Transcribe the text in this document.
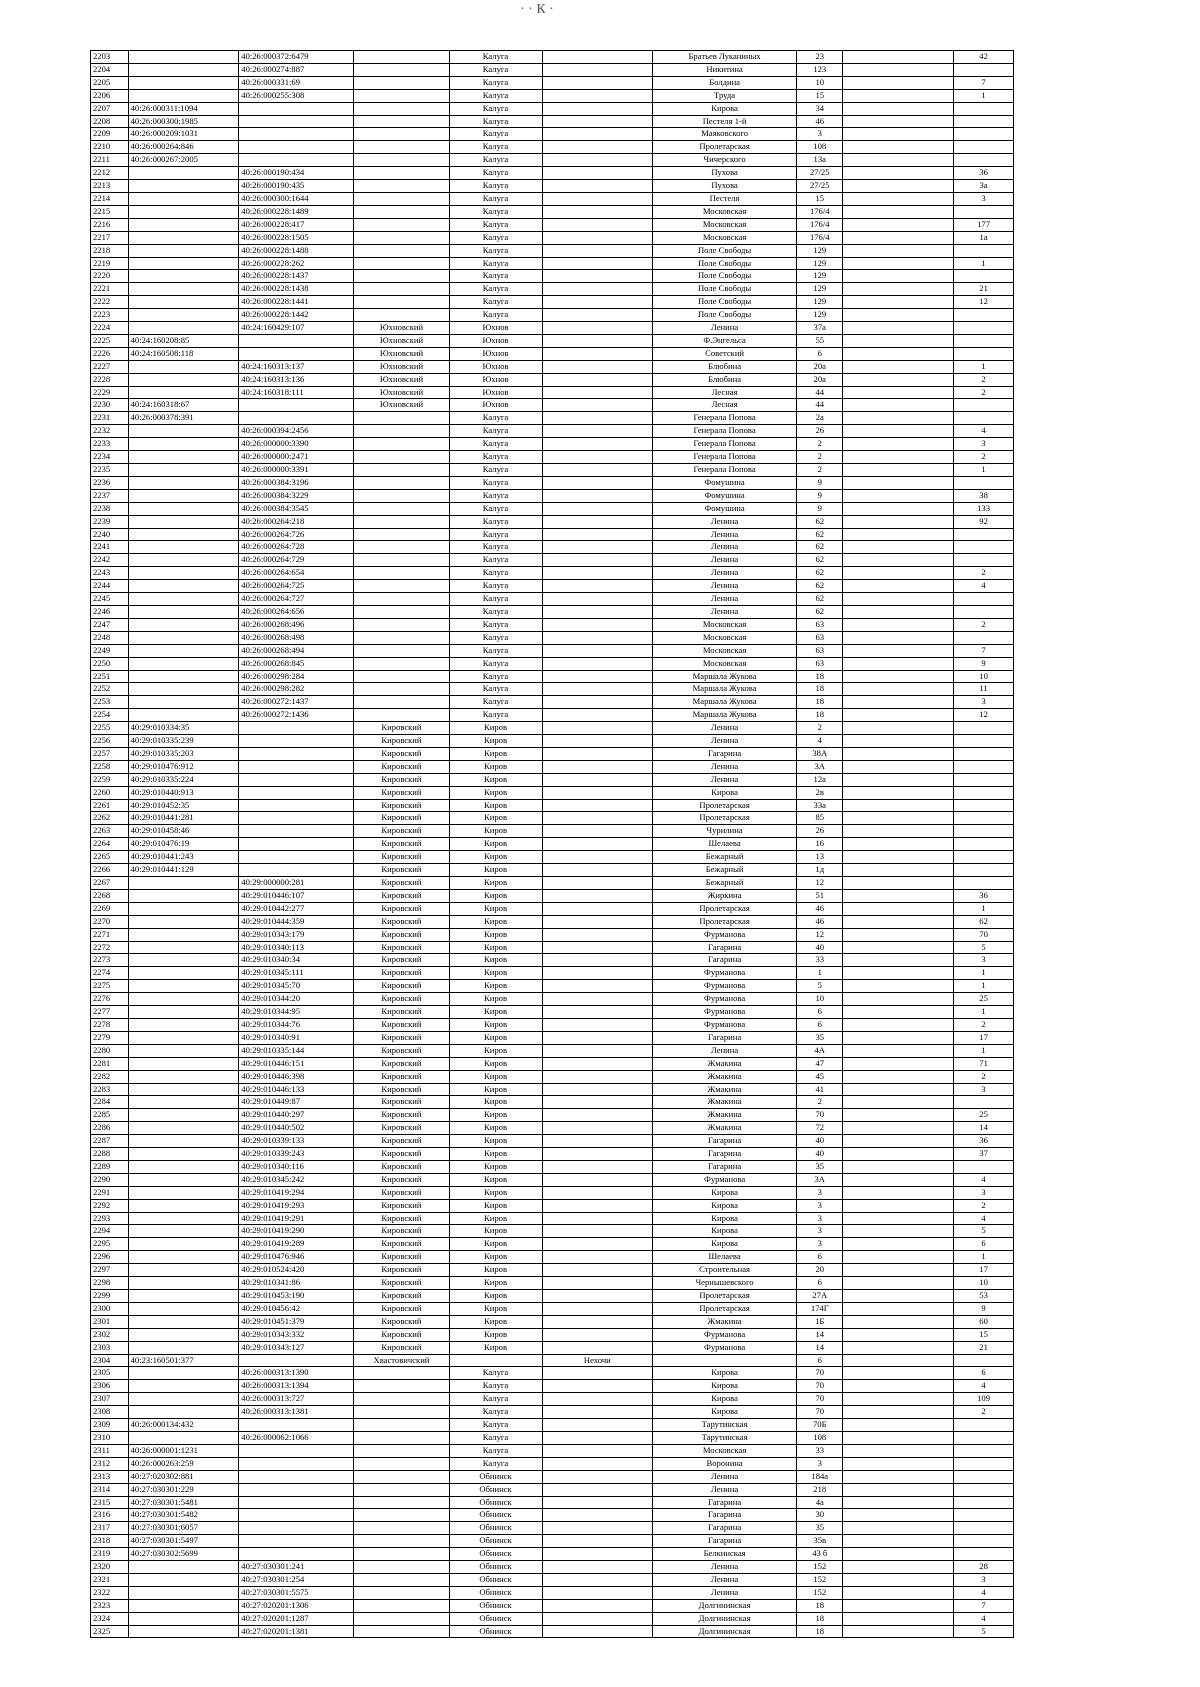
· · К ·
2203		40:26:000372:6479		Калуга		Братьев Луканиных	23		42
2204		40:26:000274:887		Калуга		Никитина	123		
2205		40:26:000331:69		Калуга		Болдина	10		7
2206		40:26:000255:308		Калуга		Труда	15		1
2207	40:26:000311:1094			Калуга		Кирова	34		
2208	40:26:000300:1985			Калуга		Пестеля 1-й	46		
2209	40:26:000209:1031			Калуга		Маяковского	3		
2210	40:26:000264:846			Калуга		Пролетарская	108		
2211	40:26:000267:2005			Калуга		Чичерского	13а		
2212		40:26:000190:434		Калуга		Пухова	27/25		36
2213		40:26:000190:435		Калуга		Пухова	27/25		3а
2214		40:26:000300:1644		Калуга		Пестеля	15		3
2215		40:26:000228:1489		Калуга		Московская	176/4		
2216		40:26:000228:417		Калуга		Московская	176/4		177
2217		40:26:000228:1505		Калуга		Московская	176/4		1а
2218		40:26:000228:1488		Калуга		Поле Свободы	129		
2219		40:26:000228:262		Калуга		Поле Свободы	129		1
2220		40:26:000228:1437		Калуга		Поле Свободы	129		
2221		40:26:000228:1438		Калуга		Поле Свободы	129		21
2222		40:26:000228:1441		Калуга		Поле Свободы	129		12
2223		40:26:000228:1442		Калуга		Поле Свободы	129		
2224		40:24:160429:107	Юхновский	Юхнов		Ленина	37а		
2225	40:24:160208:85		Юхновский	Юхнов		Ф.Энгельса	55		
2226	40:24:160508:118		Юхновский	Юхнов		Советский	6		
2227		40:24:160313:137	Юхновский	Юхнов		Блюбина	20а		1
2228		40:24:160313:136	Юхновский	Юхнов		Блюбина	20а		2
2229		40:24:160318:111	Юхновский	Юхнов		Лесная	44		2
2230	40:24:160318:67		Юхновский	Юхнов		Лесная	44		
2231	40:26:000378:391			Калуга		Генерала Попова	2а		
2232		40:26:000394:2456		Калуга		Генерала Попова	26		4
2233		40:26:000000:3390		Калуга		Генерала Попова	2		3
2234		40:26:000000:2471		Калуга		Генерала Попова	2		2
2235		40:26:000000:3391		Калуга		Генерала Попова	2		1
2236		40:26:000384:3196		Калуга		Фомушина	9		
2237		40:26:000384:3229		Калуга		Фомушина	9		38
2238		40:26:000384:3545		Калуга		Фомушина	9		133
2239		40:26:000264:218		Калуга		Ленина	62		92
2240		40:26:000264:726		Калуга		Ленина	62		
2241		40:26:000264:728		Калуга		Ленина	62		
2242		40:26:000264:729		Калуга		Ленина	62		
2243		40:26:000264:654		Калуга		Ленина	62		2
2244		40:26:000264:725		Калуга		Ленина	62		4
2245		40:26:000264:727		Калуга		Ленина	62		
2246		40:26:000264:656		Калуга		Ленина	62		
2247		40:26:000268:496		Калуга		Московская	63		2
2248		40:26:000268:498		Калуга		Московская	63		
2249		40:26:000268:494		Калуга		Московская	63		7
2250		40:26:000268:845		Калуга		Московская	63		9
2251		40:26:000298:284		Калуга		Маршала Жукова	18		10
2252		40:26:000298:282		Калуга		Маршала Жукова	18		11
2253		40:26:000272:1437		Калуга		Маршала Жукова	18		3
2254		40:26:000272:1436		Калуга		Маршала Жукова	18		12
2255	40:29:010334:35		Кировский	Киров		Ленина	2		
2256	40:29:010335:239		Кировский	Киров		Ленина	4		
2257	40:29:010335:203		Кировский	Киров		Гагарина	38А		
2258	40:29:010476:912		Кировский	Киров		Ленина	3А		
2259	40:29:010335:224		Кировский	Киров		Ленина	12а		
2260	40:29:010440:913		Кировский	Киров		Кирова	2в		
2261	40:29:010452:35		Кировский	Киров		Пролетарская	33а		
2262	40:29:010441:281		Кировский	Киров		Пролетарская	85		
2263	40:29:010458:46		Кировский	Киров		Чурилина	26		
2264	40:29:010476:19		Кировский	Киров		Шелаева	16		
2265	40:29:010441:243		Кировский	Киров		Бежарный	13		
2266	40:29:010441:129		Кировский	Киров		Бежарный	1д		
2267		40:29:000000:281	Кировский	Киров		Бежарный	12		
2268		40:29:010446:107	Кировский	Киров		Жиркина	51		36
2269		40:29:010442:277	Кировский	Киров		Пролетарская	46		1
2270		40:29:010444:359	Кировский	Киров		Пролетарская	46		62
2271		40:29:010343:179	Кировский	Киров		Фурманова	12		70
2272		40:29:010340:113	Кировский	Киров		Гагарина	40		5
2273		40:29:010340:34	Кировский	Киров		Гагарина	33		3
2274		40:29:010345:111	Кировский	Киров		Фурманова	1		1
2275		40:29:010345:70	Кировский	Киров		Фурманова	5		1
2276		40:29:010344:20	Кировский	Киров		Фурманова	10		25
2277		40:29:010344:95	Кировский	Киров		Фурманова	6		1
2278		40:29:010344:76	Кировский	Киров		Фурманова	6		2
2279		40:29:010340:91	Кировский	Киров		Гагарина	35		17
2280		40:29:010335:144	Кировский	Киров		Ленина	4А		1
2281		40:29:010446:151	Кировский	Киров		Жмакина	47		71
2282		40:29:010446:398	Кировский	Киров		Жмакина	45		2
2283		40:29:010446:133	Кировский	Киров		Жмакина	41		3
2284		40:29:010449:87	Кировский	Киров		Жмакина	2		
2285		40:29:010440:297	Кировский	Киров		Жмакина	70		25
2286		40:29:010440:502	Кировский	Киров		Жмакина	72		14
2287		40:29:010339:133	Кировский	Киров		Гагарина	40		36
2288		40:29:010339:243	Кировский	Киров		Гагарина	40		37
2289		40:29:010340:116	Кировский	Киров		Гагарина	35		
2290		40:29:010345:242	Кировский	Киров		Фурманова	3А		4
2291		40:29:010419:294	Кировский	Киров		Кирова	3		3
2292		40:29:010419:293	Кировский	Киров		Кирова	3		2
2293		40:29:010419:291	Кировский	Киров		Кирова	3		4
2294		40:29:010419:290	Кировский	Киров		Кирова	3		5
2295		40:29:010419:289	Кировский	Киров		Кирова	3		6
2296		40:29:010476:946	Кировский	Киров		Шелаева	6		1
2297		40:29:010524:420	Кировский	Киров		Строительная	20		17
2298		40:29:010341:86	Кировский	Киров		Чернышевского	6		10
2299		40:29:010453:190	Кировский	Киров		Пролетарская	27А		53
2300		40:29:010456:42	Кировский	Киров		Пролетарская	174Г		9
2301		40:29:010451:379	Кировский	Киров		Жмакина	1Б		60
2302		40:29:010343:332	Кировский	Киров		Фурманова	14		15
2303		40:29:010343:127	Кировский	Киров		Фурманова	14		21
2304	40:23:160501:377		Хвастовичский		Нехочи		6		
2305		40:26:000313:1390		Калуга		Кирова	70		6
2306		40:26:000313:1394		Калуга		Кирова	70		4
2307		40:26:000313:727		Калуга		Кирова	70		109
2308		40:26:000313:1381		Калуга		Кирова	70		2
2309	40:26:000134:432			Калуга		Тарутинская	70Б		
2310		40:26:000062:1066		Калуга		Тарутинская	108		
2311	40:26:000001:1231			Калуга		Московская	33		
2312	40:26:000263:259			Калуга		Воронина	3		
2313	40:27:020302:881			Обнинск		Ленина	184а		
2314	40:27:030301:229			Обнинск		Ленина	218		
2315	40:27:030301:5481			Обнинск		Гагарина	4а		
2316	40:27:030301:5482			Обнинск		Гагарина	30		
2317	40:27:030301:6057			Обнинск		Гагарина	35		
2318	40:27:030301:5497			Обнинск		Гагарина	35в		
2319	40:27:030302:5699			Обнинск		Белкинская	43 б		
2320		40:27:030301:241		Обнинск		Ленина	152		28
2321		40:27:030301:254		Обнинск		Ленина	152		3
2322		40:27:030301:5575		Обнинск		Ленина	152		4
2323		40:27:020201:1306		Обнинск		Долгининская	18		7
2324		40:27:020201:1287		Обнинск		Долгининская	18		4
2325		40:27:020201:1381		Обнинск		Долгининская	18		5
